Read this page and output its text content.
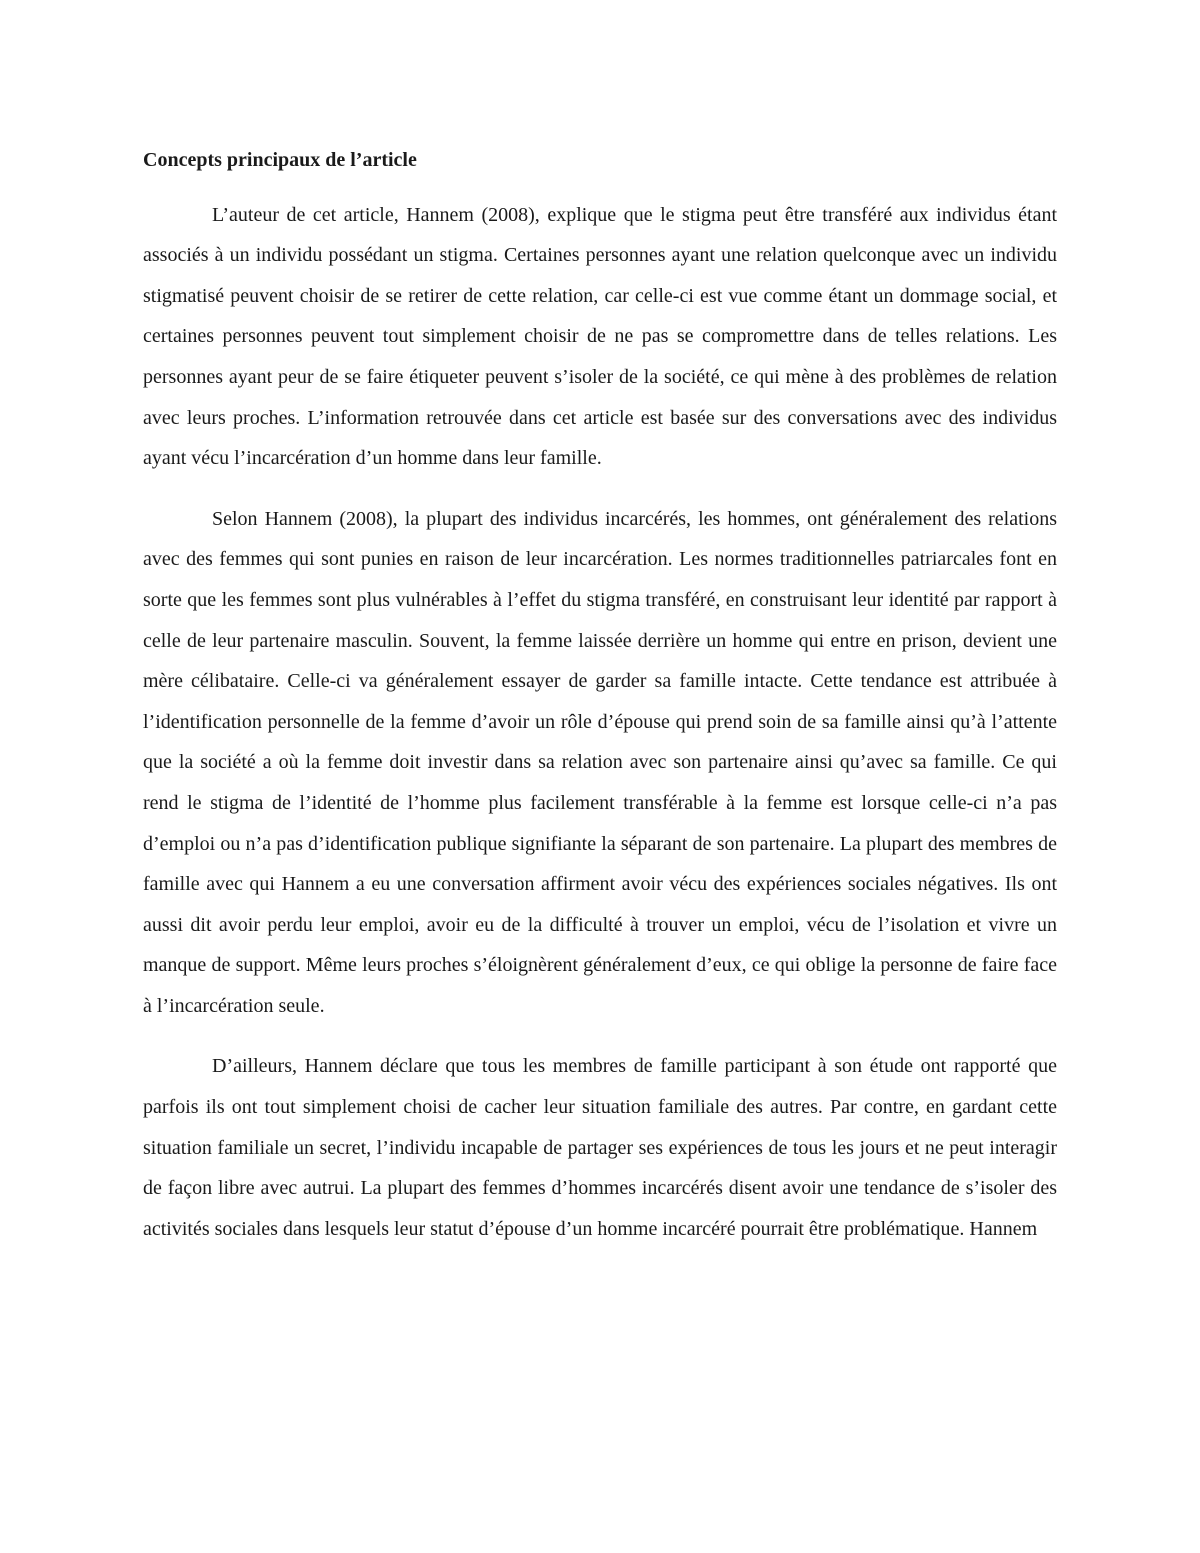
Concepts principaux de l’article

L’auteur de cet article, Hannem (2008), explique que le stigma peut être transféré aux individus étant associés à un individu possédant un stigma. Certaines personnes ayant une relation quelconque avec un individu stigmatisé peuvent choisir de se retirer de cette relation, car celle-ci est vue comme étant un dommage social, et certaines personnes peuvent tout simplement choisir de ne pas se compromettre dans de telles relations. Les personnes ayant peur de se faire étiqueter peuvent s’isoler de la société, ce qui mène à des problèmes de relation avec leurs proches. L’information retrouvée dans cet article est basée sur des conversations avec des individus ayant vécu l’incarcération d’un homme dans leur famille.

Selon Hannem (2008), la plupart des individus incarcérés, les hommes, ont généralement des relations avec des femmes qui sont punies en raison de leur incarcération. Les normes traditionnelles patriarcales font en sorte que les femmes sont plus vulnérables à l’effet du stigma transféré, en construisant leur identité par rapport à celle de leur partenaire masculin. Souvent, la femme laissée derrière un homme qui entre en prison, devient une mère célibataire. Celle-ci va généralement essayer de garder sa famille intacte. Cette tendance est attribuée à l’identification personnelle de la femme d’avoir un rôle d’épouse qui prend soin de sa famille ainsi qu’à l’attente que la société a où la femme doit investir dans sa relation avec son partenaire ainsi qu’avec sa famille. Ce qui rend le stigma de l’identité de l’homme plus facilement transférable à la femme est lorsque celle-ci n’a pas d’emploi ou n’a pas d’identification publique signifiante la séparant de son partenaire. La plupart des membres de famille avec qui Hannem a eu une conversation affirment avoir vécu des expériences sociales négatives. Ils ont aussi dit avoir perdu leur emploi, avoir eu de la difficulté à trouver un emploi, vécu de l’isolation et vivre un manque de support. Même leurs proches s’éloignèrent généralement d’eux, ce qui oblige la personne de faire face à l’incarcération seule.

D’ailleurs, Hannem déclare que tous les membres de famille participant à son étude ont rapporté que parfois ils ont tout simplement choisi de cacher leur situation familiale des autres. Par contre, en gardant cette situation familiale un secret, l’individu incapable de partager ses expériences de tous les jours et ne peut interagir de façon libre avec autrui. La plupart des femmes d’hommes incarcérés disent avoir une tendance de s’isoler des activités sociales dans lesquels leur statut d’épouse d’un homme incarcéré pourrait être problématique. Hannem
